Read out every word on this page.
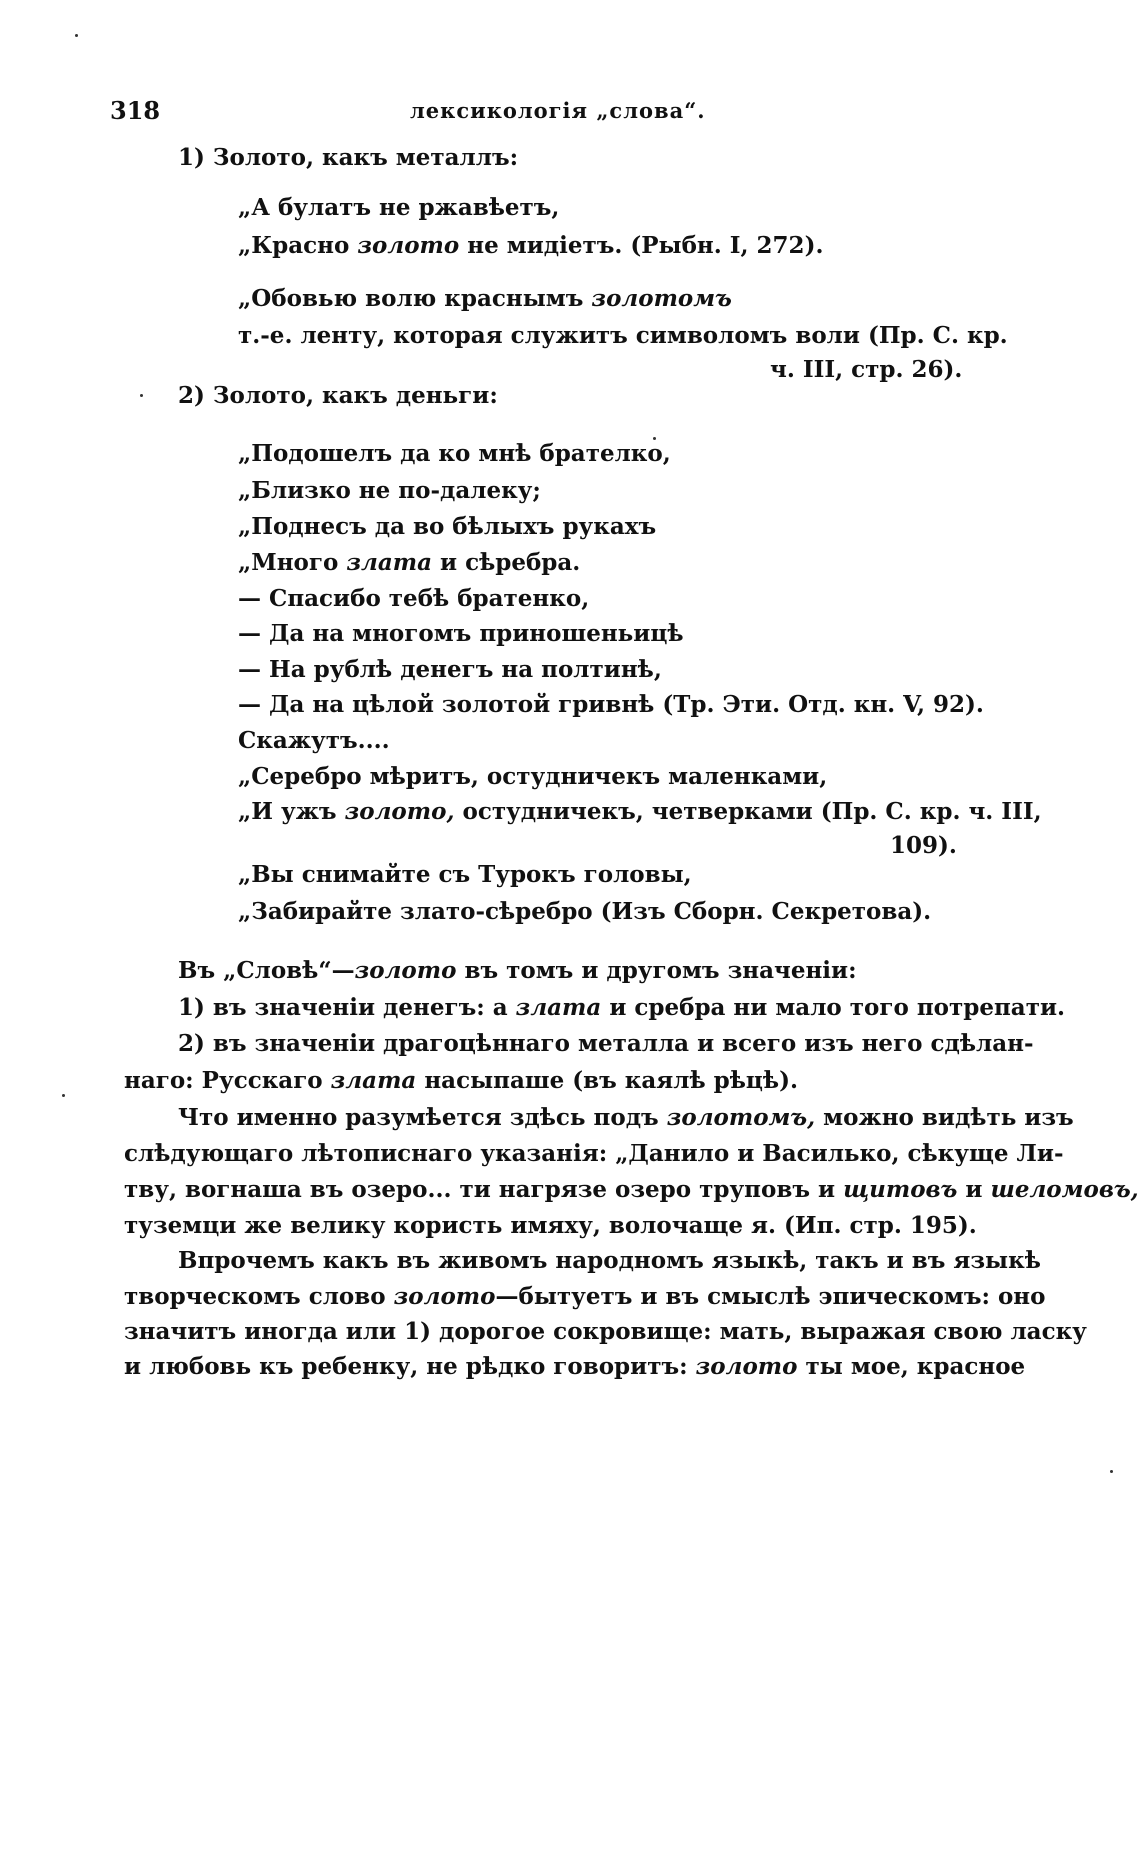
318	лексикологія „слова“.
1) Золото, какъ металлъ:
„А булатъ не ржавѣетъ,
„Красно золото не мидіетъ. (Рыбн. I, 272).
„Обовью волю краснымъ золотомъ
т.-е. ленту, которая служитъ символомъ воли (Пр. С. кр.
ч. III, стр. 26).
2) Золото, какъ деньги:
„Подошелъ да ко мнѣ брателко,
„Близко не по-далеку;
„Поднесъ да во бѣлыхъ рукахъ
„Много злата и сѣребра.
— Спасибо тебѣ братенко,
— Да на многомъ приношеньицѣ
— На рублѣ денегъ на полтинѣ,
— Да на цѣлой золотой гривнѣ (Тр. Эти. Отд. кн. V, 92).
Скажутъ....
„Серебро мѣритъ, остудничекъ маленками,
„И ужъ золото, остудничекъ, четверками (Пр. С. кр. ч. III,
109).
„Вы снимайте съ Турокъ головы,
„Забирайте злато-сѣребро (Изъ Сборн. Секретова).
Въ „Словѣ“—золото въ томъ и другомъ значеніи:
1) въ значеніи денегъ: а злата и сребра ни мало того потрепати.
2) въ значеніи драгоцѣннаго металла и всего изъ него сдѣлан-
наго: Русскаго злата насыпаше (въ каялѣ рѣцѣ).
Что именно разумѣется здѣсь подъ золотомъ, можно видѣть изъ
слѣдующаго лѣтописнаго указанія: „Данило и Василько, сѣкуще Ли-
тву, вогнаша въ озеро... ти нагрязе озеро труповъ и щитовъ и шеломовъ,
туземци же велику користь имяху, волочаще я. (Ип. стр. 195).
Впрочемъ какъ въ живомъ народномъ языкѣ, такъ и въ языкѣ
творческомъ слово золото—бытуетъ и въ смыслѣ эпическомъ: оно
значитъ иногда или 1) дорогое сокровище: мать, выражая свою ласку
и любовь къ ребенку, не рѣдко говоритъ: золото ты мое, красное
